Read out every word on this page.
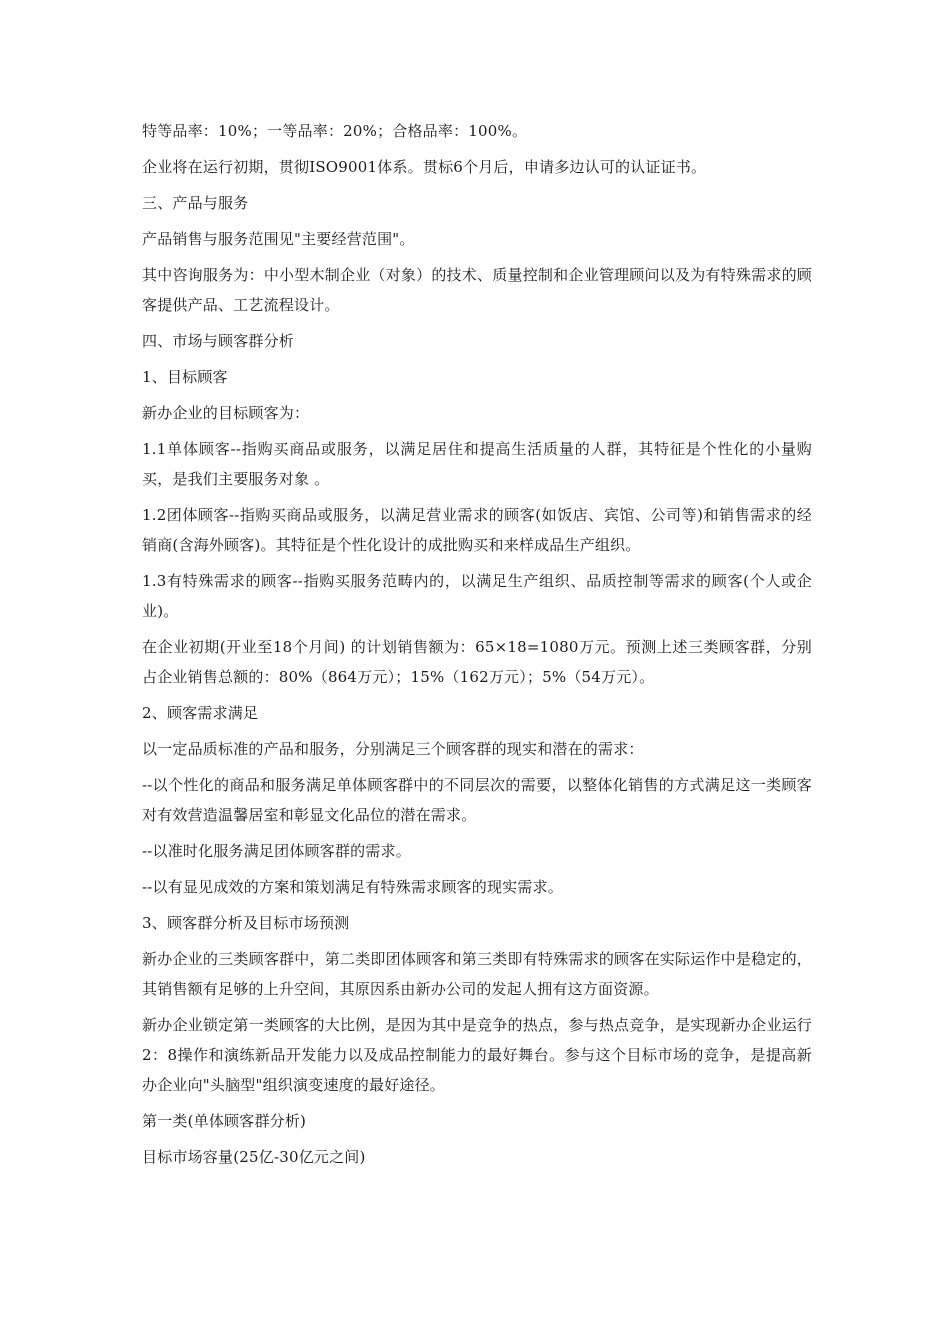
特等品率：10%；一等品率：20%；合格品率：100%。

企业将在运行初期，贯彻ISO9001体系。贯标6个月后，申请多边认可的认证证书。

三、产品与服务

产品销售与服务范围见"主要经营范围"。

其中咨询服务为：中小型木制企业（对象）的技术、质量控制和企业管理顾问以及为有特殊需求的顾客提供产品、工艺流程设计。

四、市场与顾客群分析

1、目标顾客

新办企业的目标顾客为：

1.1单体顾客--指购买商品或服务，以满足居住和提高生活质量的人群，其特征是个性化的小量购买，是我们主要服务对象 。

1.2团体顾客--指购买商品或服务，以满足营业需求的顾客(如饭店、宾馆、公司等)和销售需求的经销商(含海外顾客)。其特征是个性化设计的成批购买和来样成品生产组织。

1.3有特殊需求的顾客--指购买服务范畴内的，以满足生产组织、品质控制等需求的顾客(个人或企业)。

在企业初期(开业至18个月间) 的计划销售额为：65×18=1080万元。预测上述三类顾客群，分别占企业销售总额的：80%（864万元）；15%（162万元）；5%（54万元）。

2、顾客需求满足

以一定品质标准的产品和服务，分别满足三个顾客群的现实和潜在的需求：

--以个性化的商品和服务满足单体顾客群中的不同层次的需要，以整体化销售的方式满足这一类顾客对有效营造温馨居室和彰显文化品位的潜在需求。

--以准时化服务满足团体顾客群的需求。

--以有显见成效的方案和策划满足有特殊需求顾客的现实需求。

3、顾客群分析及目标市场预测

新办企业的三类顾客群中，第二类即团体顾客和第三类即有特殊需求的顾客在实际运作中是稳定的，其销售额有足够的上升空间，其原因系由新办公司的发起人拥有这方面资源。

新办企业锁定第一类顾客的大比例，是因为其中是竞争的热点，参与热点竞争，是实现新办企业运行2：8操作和演练新品开发能力以及成品控制能力的最好舞台。参与这个目标市场的竞争，是提高新办企业向"头脑型"组织演变速度的最好途径。

第一类(单体顾客群分析)

目标市场容量(25亿-30亿元之间)
